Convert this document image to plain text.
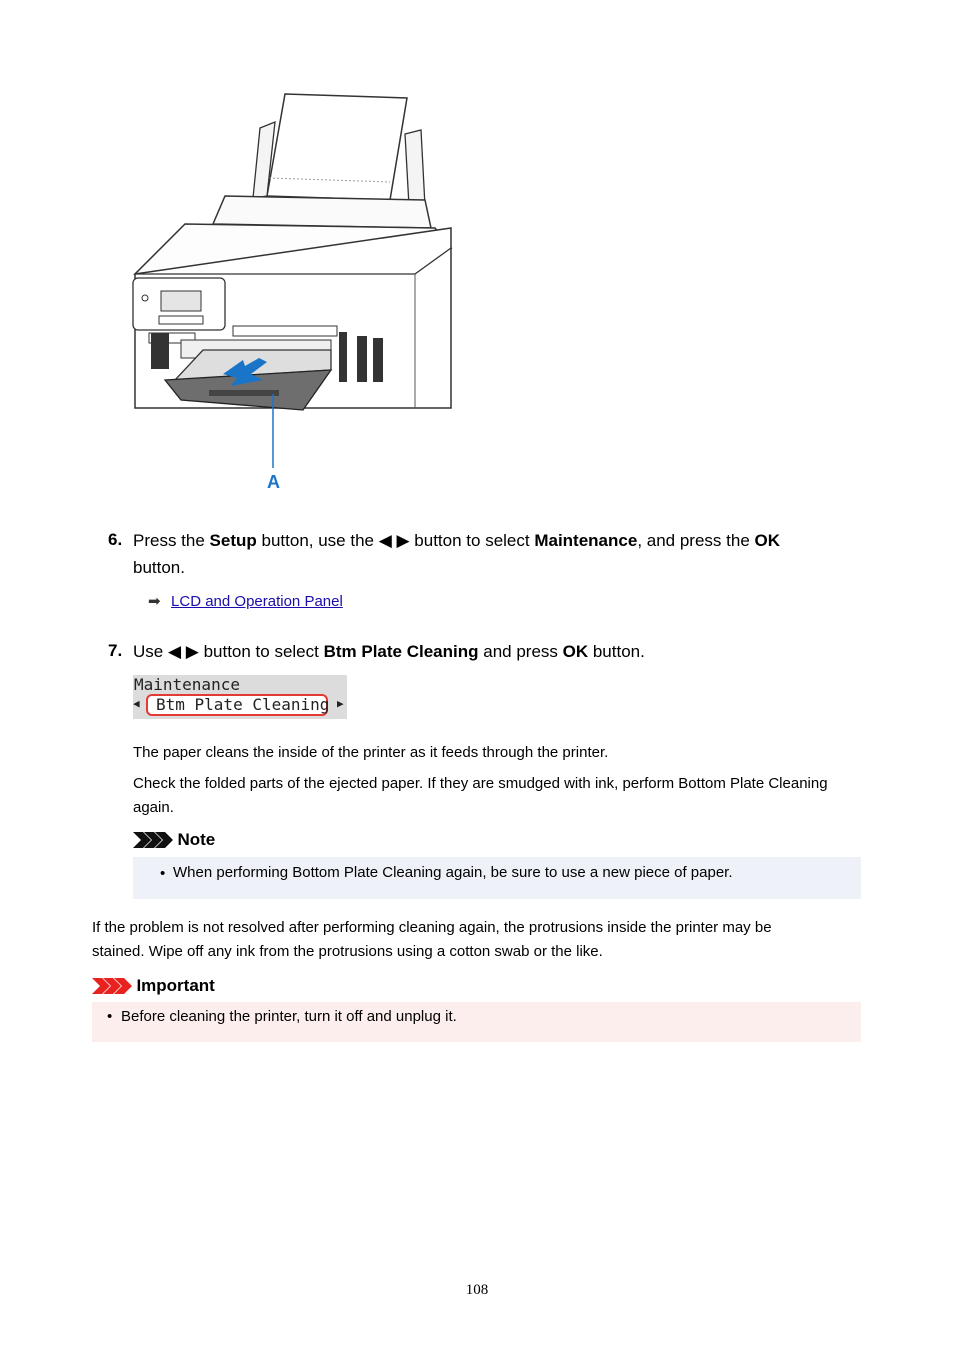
A
6. Press the Setup button, use the ◀ ▶ button to select Maintenance, and press the OK
button.
➡ LCD and Operation Panel
7. Use ◀ ▶ button to select Btm Plate Cleaning and press OK button.
Maintenance
◀ Btm Plate Cleaning ▶
The paper cleans the inside of the printer as it feeds through the printer.
Check the folded parts of the ejected paper. If they are smudged with ink, perform Bottom Plate Cleaning
again.
Note
• When performing Bottom Plate Cleaning again, be sure to use a new piece of paper.
If the problem is not resolved after performing cleaning again, the protrusions inside the printer may be
stained. Wipe off any ink from the protrusions using a cotton swab or the like.
Important
• Before cleaning the printer, turn it off and unplug it.
108
